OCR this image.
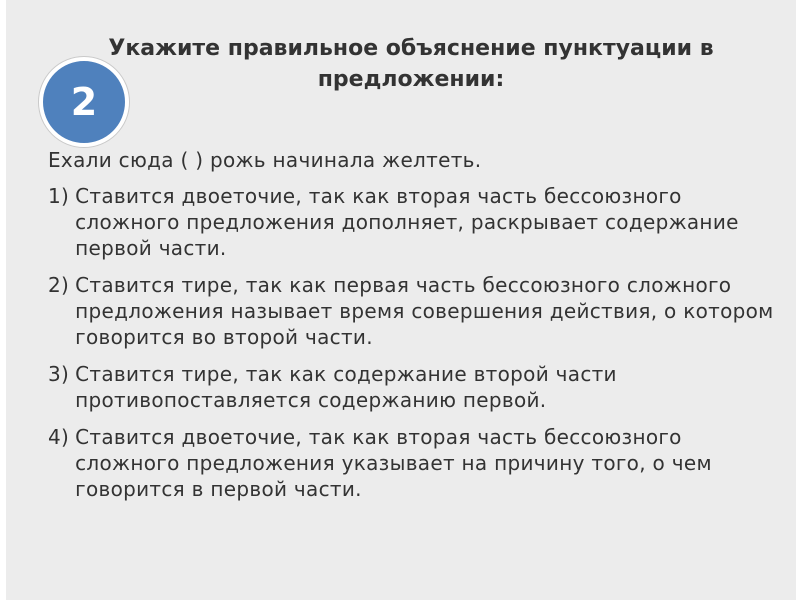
Укажите правильное объяснение пунктуации в предложении:
2

Ехали сюда ( ) рожь начинала желтеть.

1) Ставится двоеточие, так как вторая часть бессоюзного сложного предложения дополняет, раскрывает содержание первой части.
2) Ставится тире, так как первая часть бессоюзного сложного предложения называет время совершения действия, о котором говорится во второй части.
3) Ставится тире, так как содержание второй части противопоставляется содержанию первой.
4) Ставится двоеточие, так как вторая часть бессоюзного сложного предложения указывает на причину того, о чем говорится в первой части.
